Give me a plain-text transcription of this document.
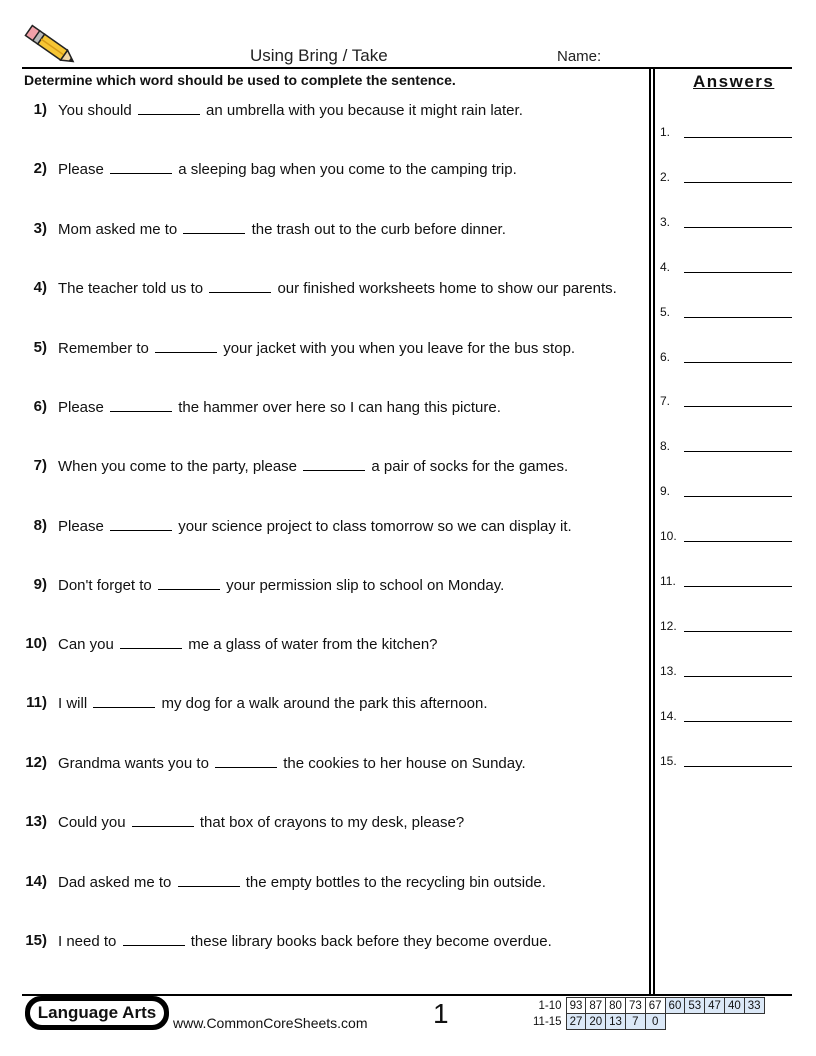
Using Bring / Take	Name:
Determine which word should be used to complete the sentence.	Answers
1) You should	an umbrella with you because it might rain later.
2) Please	a sleeping bag when you come to the camping trip.
3) Mom asked me to	the trash out to the curb before dinner.
4) The teacher told us to	our finished worksheets home to show our parents.
5) Remember to	your jacket with you when you leave for the bus stop.
6) Please	the hammer over here so I can hang this picture.
7) When you come to the party, please	a pair of socks for the games.
8) Please	your science project to class tomorrow so we can display it.
9) Don't forget to	your permission slip to school on Monday.
10) Can you	me a glass of water from the kitchen?
11) I will	my dog for a walk around the park this afternoon.
12) Grandma wants you to	the cookies to her house on Sunday.
13) Could you	that box of crayons to my desk, please?
14) Dad asked me to	the empty bottles to the recycling bin outside.
15) I need to	these library books back before they become overdue.
1.
2.
3.
4.
5.
6.
7.
8.
9.
10.
11.
12.
13.
14.
15.
Language Arts
www.CommonCoreSheets.com 1	1-10	93	87	80	73	67	60	53	47	40	33
11-15	27	20	13	7	0					
